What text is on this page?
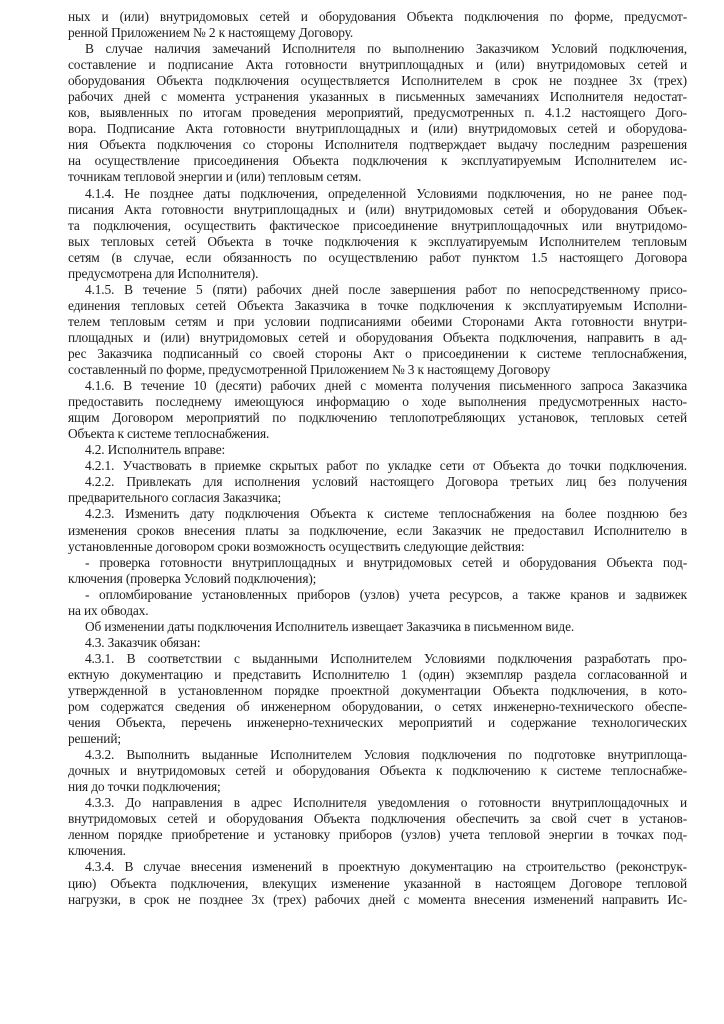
ных и (или) внутридомовых сетей и оборудования Объекта подключения по форме, предусмот-
ренной Приложением № 2 к настоящему Договору.
В случае наличия замечаний Исполнителя по выполнению Заказчиком Условий подключения,
составление и подписание Акта готовности внутриплощадных и (или) внутридомовых сетей и
оборудования Объекта подключения осуществляется Исполнителем в срок не позднее 3х (трех)
рабочих дней с момента устранения указанных в письменных замечаниях Исполнителя недостат-
ков, выявленных по итогам проведения мероприятий, предусмотренных п. 4.1.2 настоящего Дого-
вора. Подписание Акта готовности внутриплощадных и (или) внутридомовых сетей и оборудова-
ния Объекта подключения со стороны Исполнителя подтверждает выдачу последним разрешения
на осуществление присоединения Объекта подключения к эксплуатируемым Исполнителем ис-
точникам тепловой энергии и (или) тепловым сетям.
4.1.4. Не позднее даты подключения, определенной Условиями подключения, но не ранее под-
писания Акта готовности внутриплощадных и (или) внутридомовых сетей и оборудования Объек-
та подключения, осуществить фактическое присоединение внутриплощадочных или внутридомо-
вых тепловых сетей Объекта в точке подключения к эксплуатируемым Исполнителем тепловым
сетям (в случае, если обязанность по осуществлению работ пунктом 1.5 настоящего Договора
предусмотрена для Исполнителя).
4.1.5. В течение 5 (пяти) рабочих дней после завершения работ по непосредственному присо-
единения тепловых сетей Объекта Заказчика в точке подключения к эксплуатируемым Исполни-
телем тепловым сетям и при условии подписаниями обеими Сторонами Акта готовности внутри-
площадных и (или) внутридомовых сетей и оборудования Объекта подключения, направить в ад-
рес Заказчика подписанный со своей стороны Акт о присоединении к системе теплоснабжения,
составленный по форме, предусмотренной Приложением № 3 к настоящему Договору
4.1.6. В течение 10 (десяти) рабочих дней с момента получения письменного запроса Заказчика
предоставить последнему имеющуюся информацию о ходе выполнения предусмотренных насто-
ящим Договором мероприятий по подключению теплопотребляющих установок, тепловых сетей
Объекта к системе теплоснабжения.
4.2. Исполнитель вправе:
4.2.1. Участвовать в приемке скрытых работ по укладке сети от Объекта до точки подключения.
4.2.2. Привлекать для исполнения условий настоящего Договора третьих лиц без получения
предварительного согласия Заказчика;
4.2.3. Изменить дату подключения Объекта к системе теплоснабжения на более позднюю без
изменения сроков внесения платы за подключение, если Заказчик не предоставил Исполнителю в
установленные договором сроки возможность осуществить следующие действия:
- проверка готовности внутриплощадных и внутридомовых сетей и оборудования Объекта под-
ключения (проверка Условий подключения);
- опломбирование установленных приборов (узлов) учета ресурсов, а также кранов и задвижек
на их обводах.
Об изменении даты подключения Исполнитель извещает Заказчика в письменном виде.
4.3. Заказчик обязан:
4.3.1. В соответствии с выданными Исполнителем Условиями подключения разработать про-
ектную документацию и представить Исполнителю 1 (один) экземпляр раздела согласованной и
утвержденной в установленном порядке проектной документации Объекта подключения, в кото-
ром содержатся сведения об инженерном оборудовании, о сетях инженерно-технического обеспе-
чения Объекта, перечень инженерно-технических мероприятий и содержание технологических
решений;
4.3.2. Выполнить выданные Исполнителем Условия подключения по подготовке внутриплоща-
дочных и внутридомовых сетей и оборудования Объекта к подключению к системе теплоснабже-
ния до точки подключения;
4.3.3. До направления в адрес Исполнителя уведомления о готовности внутриплощадочных и
внутридомовых сетей и оборудования Объекта подключения обеспечить за свой счет в установ-
ленном порядке приобретение и установку приборов (узлов) учета тепловой энергии в точках под-
ключения.
4.3.4. В случае внесения изменений в проектную документацию на строительство (реконструк-
цию) Объекта подключения, влекущих изменение указанной в настоящем Договоре тепловой
нагрузки, в срок не позднее 3х (трех) рабочих дней с момента внесения изменений направить Ис-
